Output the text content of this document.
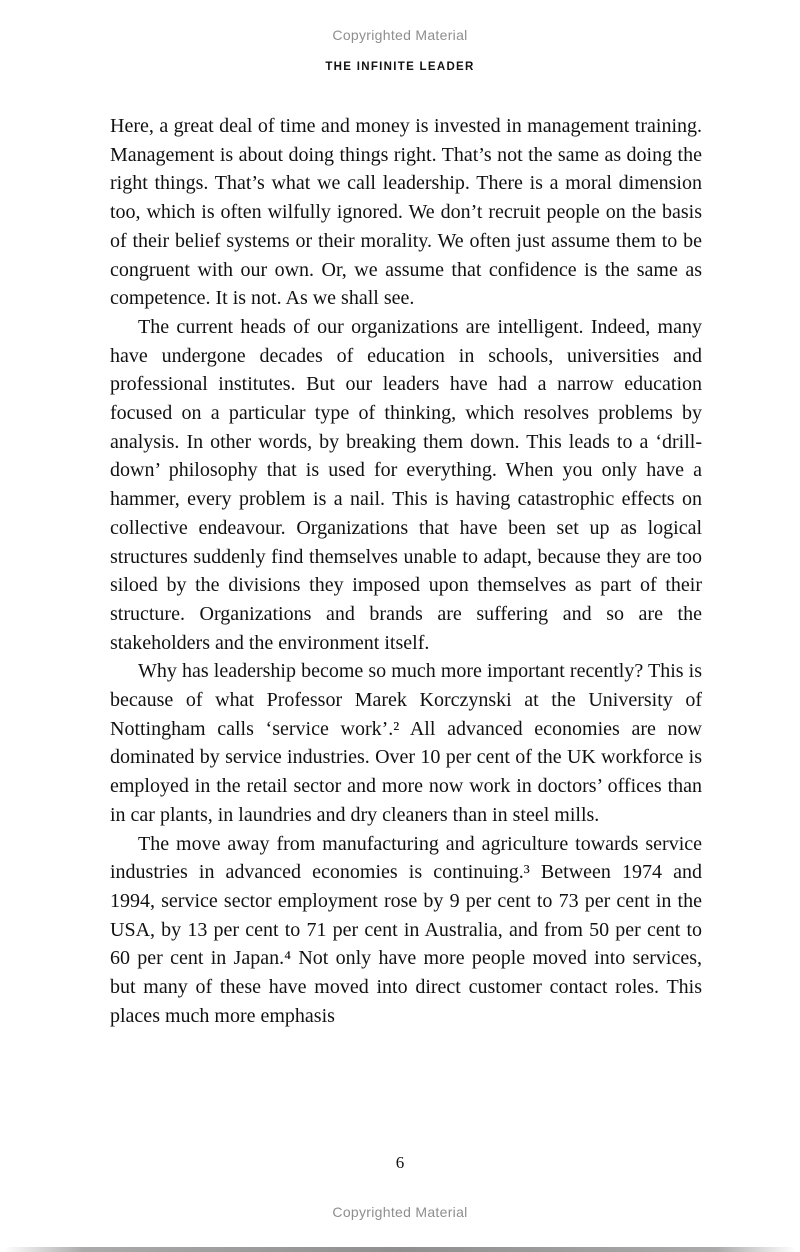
Copyrighted Material
THE INFINITE LEADER

Here, a great deal of time and money is invested in management training. Management is about doing things right. That’s not the same as doing the right things. That’s what we call leadership. There is a moral dimension too, which is often wilfully ignored. We don’t recruit people on the basis of their belief systems or their morality. We often just assume them to be congruent with our own. Or, we assume that confidence is the same as competence. It is not. As we shall see.

The current heads of our organizations are intelligent. Indeed, many have undergone decades of education in schools, universities and professional institutes. But our leaders have had a narrow education focused on a particular type of thinking, which resolves problems by analysis. In other words, by breaking them down. This leads to a ‘drill-down’ philosophy that is used for everything. When you only have a hammer, every problem is a nail. This is having catastrophic effects on collective endeavour. Organizations that have been set up as logical structures suddenly find themselves unable to adapt, because they are too siloed by the divisions they imposed upon themselves as part of their structure. Organizations and brands are suffering and so are the stakeholders and the environment itself.

Why has leadership become so much more important recently? This is because of what Professor Marek Korczynski at the University of Nottingham calls ‘service work’.² All advanced economies are now dominated by service industries. Over 10 per cent of the UK workforce is employed in the retail sector and more now work in doctors’ offices than in car plants, in laundries and dry cleaners than in steel mills.

The move away from manufacturing and agriculture towards service industries in advanced economies is continuing.³ Between 1974 and 1994, service sector employment rose by 9 per cent to 73 per cent in the USA, by 13 per cent to 71 per cent in Australia, and from 50 per cent to 60 per cent in Japan.⁴ Not only have more people moved into services, but many of these have moved into direct customer contact roles. This places much more emphasis

6
Copyrighted Material
